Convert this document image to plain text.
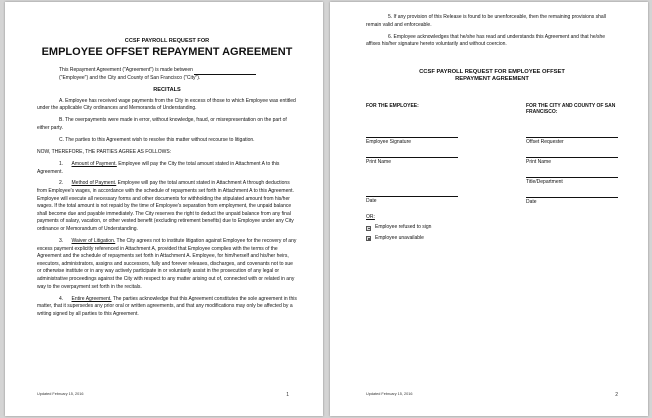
CCSF PAYROLL REQUEST FOR
EMPLOYEE OFFSET REPAYMENT AGREEMENT
This Repayment Agreement ("Agreement") is made between
("Employee") and the City and County of San Francisco ("City").
RECITALS

A. Employee has received wage payments from the City in excess of those to which Employee was entitled under the applicable City ordinances and Memoranda of Understanding.

B. The overpayments were made in error, without knowledge, fraud, or misrepresentation on the part of either party.

C. The parties to this Agreement wish to resolve this matter without recourse to litigation.

NOW, THEREFORE, THE PARTIES AGREE AS FOLLOWS:

1. Amount of Payment. Employee will pay the City the total amount stated in Attachment A to this Agreement.

2. Method of Payment. Employee will pay the total amount stated in Attachment A through deductions from Employee's wages, in accordance with the schedule of repayments set forth in Attachment A to this Agreement. Employee will execute all necessary forms and other documents for withholding the stipulated amount from his/her wages. If the total amount is not repaid by the time of Employee's separation from employment, the unpaid balance shall become due and payable immediately. The City reserves the right to deduct the unpaid balance from any final payments of salary, vacation, or other vested benefit (excluding retirement benefits) due to Employee under any City ordinance or Memorandum of Understanding.

3. Waiver of Litigation. The City agrees not to institute litigation against Employee for the recovery of any excess payment explicitly referenced in Attachment A, provided that Employee complies with the terms of the Agreement and the schedule of repayments set forth in Attachment A. Employee, for him/herself and his/her heirs, executors, administrators, assigns and successors, fully and forever releases, discharges, and covenants not to sue or otherwise institute or in any way actively participate in or voluntarily assist in the prosecution of any legal or administrative proceedings against the City with respect to any matter arising out of, connected with or related in any way to the overpayment set forth in the recitals.

4. Entire Agreement. The parties acknowledge that this Agreement constitutes the sole agreement in this matter, that it supersedes any prior oral or written agreements, and that any modifications may only be affected by a writing signed by all parties to this Agreement.

Updated February 15, 2016	1

5. If any provision of this Release is found to be unenforceable, then the remaining provisions shall remain valid and enforceable.

6. Employee acknowledges that he/she has read and understands this Agreement and that he/she affixes his/her signature hereto voluntarily and without coercion.

CCSF PAYROLL REQUEST FOR EMPLOYEE OFFSET
REPAYMENT AGREEMENT
FOR THE EMPLOYEE:
Employee Signature
Print Name
Date
OR:
Employee refused to sign
Employee unavailable
FOR THE CITY AND COUNTY OF SAN FRANCISCO:
Offset Requester
Print Name
Title/Department
Date
Updated February 15, 2016	2
